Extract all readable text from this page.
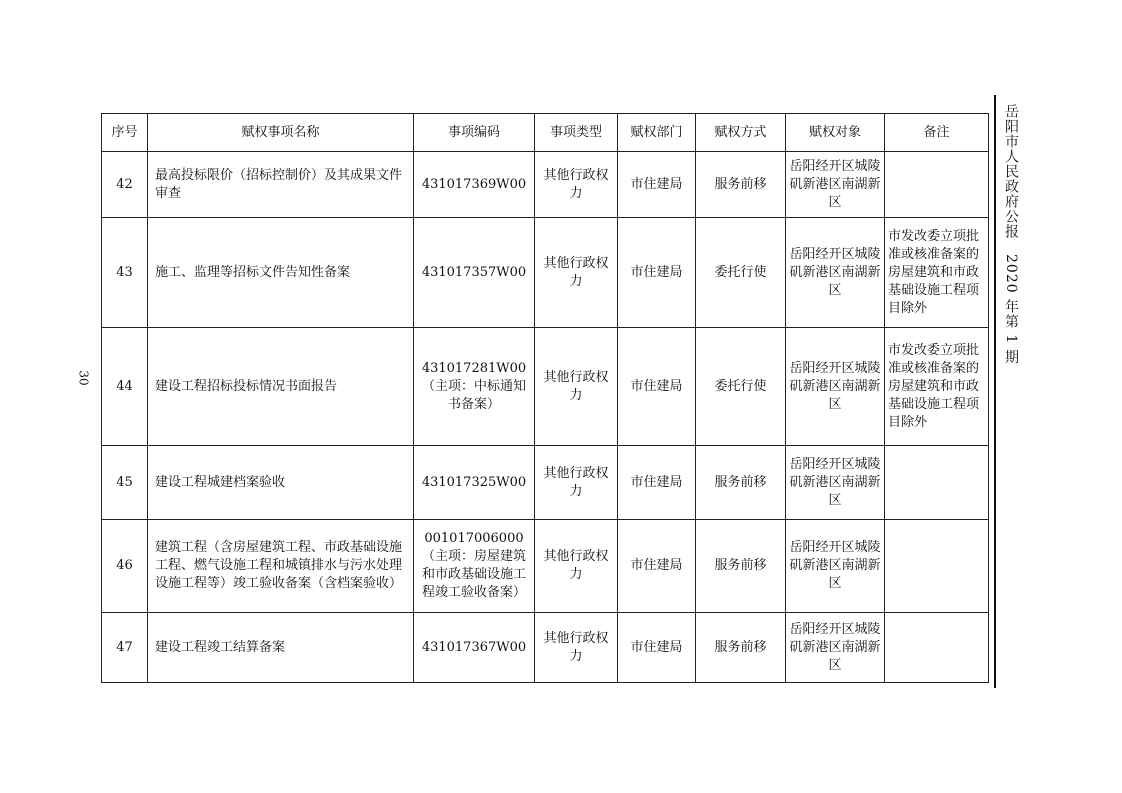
30
序号	赋权事项名称	事项编码	事项类型	赋权部门	赋权方式	赋权对象	备注
42	最高投标限价（招标控制价）及其成果文件审查	431017369W00	其他行政权力	市住建局	服务前移	岳阳经开区城陵矶新港区南湖新区	
43	施工、监理等招标文件告知性备案	431017357W00	其他行政权力	市住建局	委托行使	岳阳经开区城陵矶新港区南湖新区	市发改委立项批准或核准备案的房屋建筑和市政基础设施工程项目除外
44	建设工程招标投标情况书面报告	431017281W00（主项：中标通知书备案）	其他行政权力	市住建局	委托行使	岳阳经开区城陵矶新港区南湖新区	市发改委立项批准或核准备案的房屋建筑和市政基础设施工程项目除外
45	建设工程城建档案验收	431017325W00	其他行政权力	市住建局	服务前移	岳阳经开区城陵矶新港区南湖新区	
46	建筑工程（含房屋建筑工程、市政基础设施工程、燃气设施工程和城镇排水与污水处理设施工程等）竣工验收备案（含档案验收）	001017006000（主项：房屋建筑和市政基础设施工程竣工验收备案）	其他行政权力	市住建局	服务前移	岳阳经开区城陵矶新港区南湖新区	
47	建设工程竣工结算备案	431017367W00	其他行政权力	市住建局	服务前移	岳阳经开区城陵矶新港区南湖新区	
岳阳市人民政府公报　2020 年第 1 期
